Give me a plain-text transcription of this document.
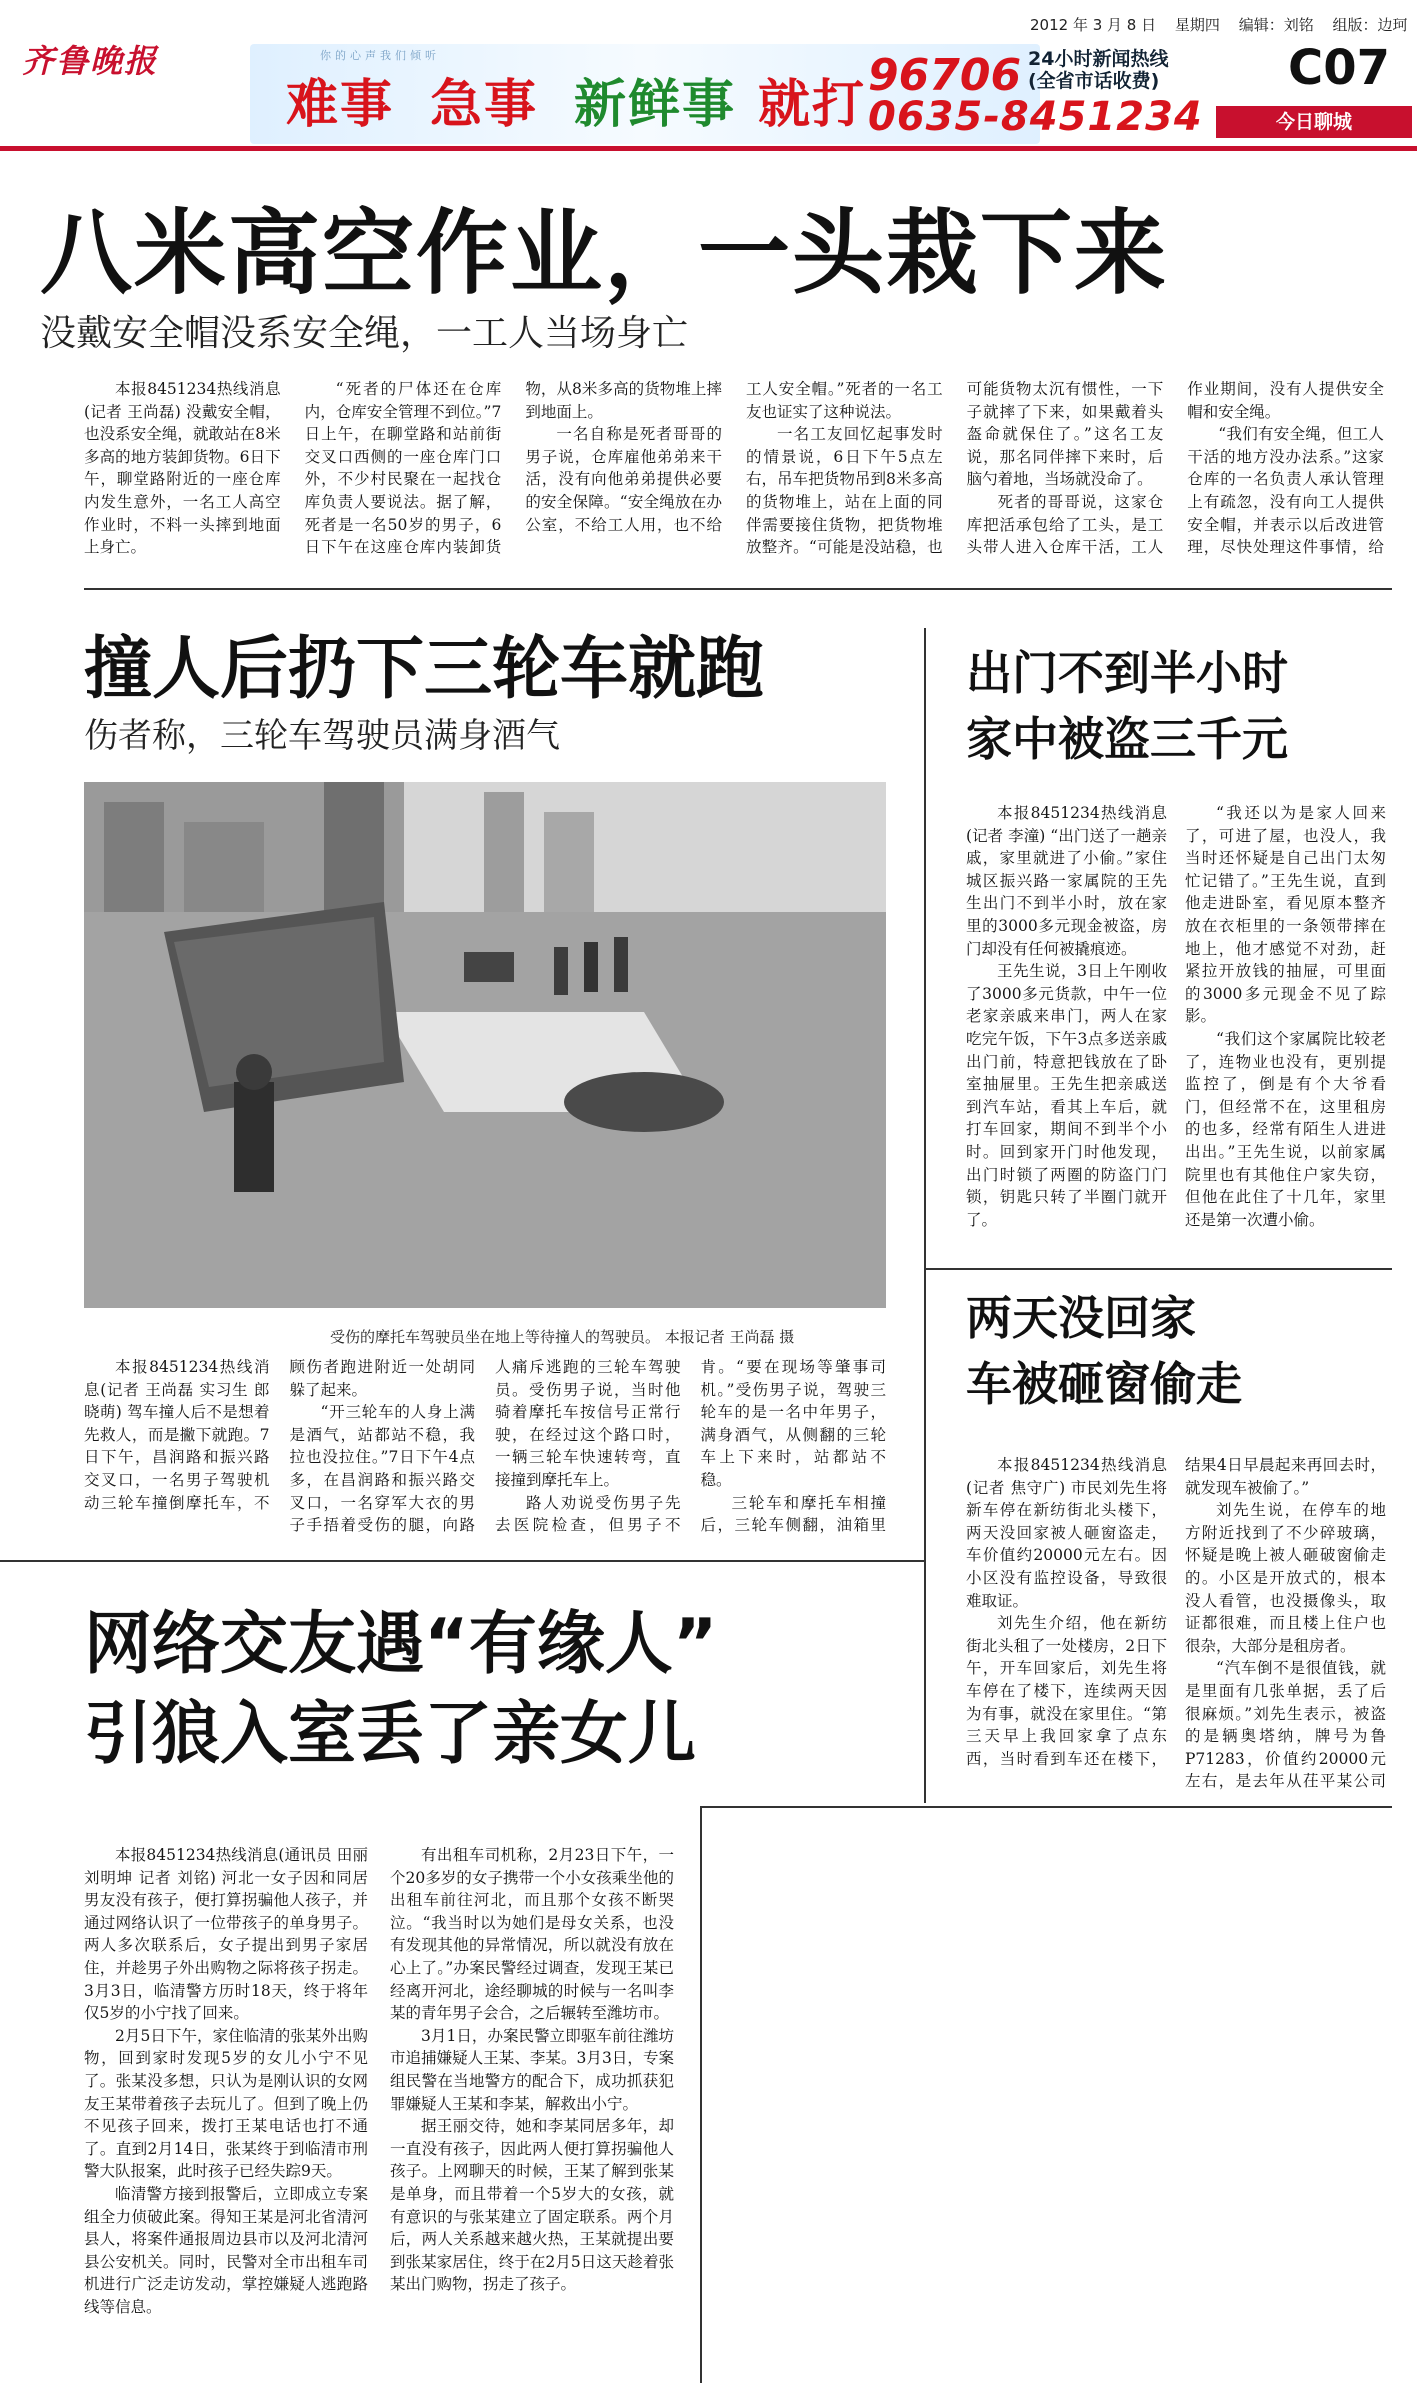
2012 年 3 月 8 日 星期四 编辑：刘铭 组版：边珂
齐鲁晚报	你的心声我们倾听
难事 急事 新鲜事 就打 96706 24小时新闻热线
(全省市话收费)
0635-8451234
C07
今日聊城
八米高空作业，一头栽下来
没戴安全帽没系安全绳，一工人当场身亡

本报8451234热线消息(记者 王尚磊) 没戴安全帽，也没系安全绳，就敢站在8米多高的地方装卸货物。6日下午，聊堂路附近的一座仓库内发生意外，一名工人高空作业时，不料一头摔到地面上身亡。

“死者的尸体还在仓库内，仓库安全管理不到位。”7日上午，在聊堂路和站前街交叉口西侧的一座仓库门口外，不少村民聚在一起找仓库负责人要说法。据了解，死者是一名50岁的男子，6日下午在这座仓库内装卸货物，从8米多高的货物堆上摔到地面上。

一名自称是死者哥哥的男子说，仓库雇他弟弟来干活，没有向他弟弟提供必要的安全保障。“安全绳放在办公室，不给工人用，也不给工人安全帽。”死者的一名工友也证实了这种说法。

一名工友回忆起事发时的情景说，6日下午5点左右，吊车把货物吊到8米多高的货物堆上，站在上面的同伴需要接住货物，把货物堆放整齐。“可能是没站稳，也可能货物太沉有惯性，一下子就摔了下来，如果戴着头盔命就保住了。”这名工友说，那名同伴摔下来时，后脑勺着地，当场就没命了。

死者的哥哥说，这家仓库把活承包给了工头，是工头带人进入仓库干活，工人作业期间，没有人提供安全帽和安全绳。

“我们有安全绳，但工人干活的地方没办法系。”这家仓库的一名负责人承认管理上有疏忽，没有向工人提供安全帽，并表示以后改进管理，尽快处理这件事情，给

撞人后扔下三轮车就跑
伤者称，三轮车驾驶员满身酒气
受伤的摩托车驾驶员坐在地上等待撞人的驾驶员。 本报记者 王尚磊 摄

本报8451234热线消息(记者 王尚磊 实习生 郎晓萌) 驾车撞人后不是想着先救人，而是撇下就跑。7日下午，昌润路和振兴路交叉口，一名男子驾驶机动三轮车撞倒摩托车，不顾伤者跑进附近一处胡同躲了起来。

“开三轮车的人身上满是酒气，站都站不稳，我拉也没拉住。”7日下午4点多，在昌润路和振兴路交叉口，一名穿军大衣的男子手捂着受伤的腿，向路人痛斥逃跑的三轮车驾驶员。受伤男子说，当时他骑着摩托车按信号正常行驶，在经过这个路口时，一辆三轮车快速转弯，直接撞到摩托车上。

路人劝说受伤男子先去医院检查，但男子不肯。“要在现场等肇事司机。”受伤男子说，驾驶三轮车的是一名中年男子，满身酒气，从侧翻的三轮车上下来时，站都站不稳。

三轮车和摩托车相撞后，三轮车侧翻，油箱里

出门不到半小时
家中被盗三千元

本报8451234热线消息(记者 李潼) “出门送了一趟亲戚，家里就进了小偷。”家住城区振兴路一家属院的王先生出门不到半小时，放在家里的3000多元现金被盗，房门却没有任何被撬痕迹。

王先生说，3日上午刚收了3000多元货款，中午一位老家亲戚来串门，两人在家吃完午饭，下午3点多送亲戚出门前，特意把钱放在了卧室抽屉里。王先生把亲戚送到汽车站，看其上车后，就打车回家，期间不到半个小时。回到家开门时他发现，出门时锁了两圈的防盗门门锁，钥匙只转了半圈门就开了。

“我还以为是家人回来了，可进了屋，也没人，我当时还怀疑是自己出门太匆忙记错了。”王先生说，直到他走进卧室，看见原本整齐放在衣柜里的一条领带摔在地上，他才感觉不对劲，赶紧拉开放钱的抽屉，可里面的3000多元现金不见了踪影。

“我们这个家属院比较老了，连物业也没有，更别提监控了，倒是有个大爷看门，但经常不在，这里租房的也多，经常有陌生人进进出出。”王先生说，以前家属院里也有其他住户家失窃，但他在此住了十几年，家里还是第一次遭小偷。

两天没回家
车被砸窗偷走

本报8451234热线消息(记者 焦守广) 市民刘先生将新车停在新纺街北头楼下，两天没回家被人砸窗盗走，车价值约20000元左右。因小区没有监控设备，导致很难取证。

刘先生介绍，他在新纺街北头租了一处楼房，2日下午，开车回家后，刘先生将车停在了楼下，连续两天因为有事，就没在家里住。“第三天早上我回家拿了点东西，当时看到车还在楼下，结果4日早晨起来再回去时，就发现车被偷了。”

刘先生说，在停车的地方附近找到了不少碎玻璃，怀疑是晚上被人砸破窗偷走的。小区是开放式的，根本没人看管，也没摄像头，取证都很难，而且楼上住户也很杂，大部分是租房者。

“汽车倒不是很值钱，就是里面有几张单据，丢了后很麻烦。”刘先生表示，被盗的是辆奥塔纳，牌号为鲁P71283，价值约20000元左右，是去年从茌平某公司

网络交友遇“有缘人”
引狼入室丢了亲女儿

本报8451234热线消息(通讯员 田丽 刘明坤 记者 刘铭) 河北一女子因和同居男友没有孩子，便打算拐骗他人孩子，并通过网络认识了一位带孩子的单身男子。两人多次联系后，女子提出到男子家居住，并趁男子外出购物之际将孩子拐走。3月3日，临清警方历时18天，终于将年仅5岁的小宁找了回来。

2月5日下午，家住临清的张某外出购物，回到家时发现5岁的女儿小宁不见了。张某没多想，只认为是刚认识的女网友王某带着孩子去玩儿了。但到了晚上仍不见孩子回来，拨打王某电话也打不通了。直到2月14日，张某终于到临清市刑警大队报案，此时孩子已经失踪9天。

临清警方接到报警后，立即成立专案组全力侦破此案。得知王某是河北省清河县人，将案件通报周边县市以及河北清河县公安机关。同时，民警对全市出租车司机进行广泛走访发动，掌控嫌疑人逃跑路线等信息。

有出租车司机称，2月23日下午，一个20多岁的女子携带一个小女孩乘坐他的出租车前往河北，而且那个女孩不断哭泣。“我当时以为她们是母女关系，也没有发现其他的异常情况，所以就没有放在心上了。”办案民警经过调查，发现王某已经离开河北，途经聊城的时候与一名叫李某的青年男子会合，之后辗转至潍坊市。

3月1日，办案民警立即驱车前往潍坊市追捕嫌疑人王某、李某。3月3日，专案组民警在当地警方的配合下，成功抓获犯罪嫌疑人王某和李某，解救出小宁。

据王丽交待，她和李某同居多年，却一直没有孩子，因此两人便打算拐骗他人孩子。上网聊天的时候，王某了解到张某是单身，而且带着一个5岁大的女孩，就有意识的与张某建立了固定联系。两个月后，两人关系越来越火热，王某就提出要到张某家居住，终于在2月5日这天趁着张某出门购物，拐走了孩子。
